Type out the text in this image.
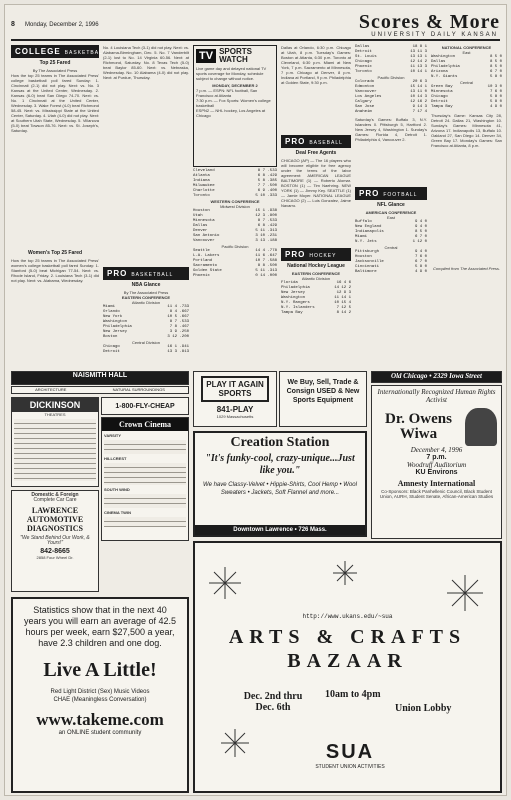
8 Monday, December 2, 1996	Scores & More
UNIVERSITY DAILY KANSAN
COLLEGE BASKETBALL
Top 25 Fared
By The Associated Press
How the top 25 teams in The Associated Press' college basketball poll fared Sunday: 1. Cincinnati (2-1) did not play. Next: vs. No. 3 Kansas at the United Center, Wednesday. 2. Kansas (6-0) beat San Diego 74-70. Next: vs. No. 1 Cincinnati at the United Center, Wednesday. 3. Wake Forest (4-0) beat Richmond 58-45. Next: vs. Mississippi State at the United Center, Saturday. 4. Utah (4-0) did not play. Next: at Southern Utah State, Wednesday. 5. Villanova (5-0) beat Towson 85-76. Next: vs. St. Joseph's, Saturday.
Women's Top 25 Fared
How the top 25 teams in The Associated Press' women's college basketball poll fared Sunday: 1. Stanford (5-0) beat Michigan 77-54. Next: vs. Rhode Island, Friday. 2. Louisiana Tech (3-1) did not play. Next: vs. Alabama, Wednesday.
No. 4 Louisiana Tech (3-1) did not play. Next: vs. Alabama-Birmingham, Dec. 5. No. 7 Vanderbilt (2-1) lost to No. 14 Virginia 60-56. Next: at Richmond, Saturday. No. 8 Texas Tech (5-0) beat Baylor 85-60. Next: vs. Nebraska, Wednesday. No. 10 Alabama (4-0) did not play. Next: at Purdue, Thursday.
PRO BASKETBALL
NBA Glance
By The Associated Press
EASTERN CONFERENCE
Atlantic Division
Miami	11 4 .733
Orlando	8 4 .667
New York	10 5 .667
Washington	8 7 .533
Philadelphia	7 8 .467
New Jersey	3 9 .250
Boston	3 12 .200
Central Division
Chicago	16 1 .941
Detroit	13 3 .813
TV SPORTS WATCH
Live game day and delayed national TV sports coverage for Monday, schedule subject to change without notice.
MONDAY, DECEMBER 2
7 p.m. — ESPN: NFL football, San Francisco at Atlanta
7:30 p.m. — Fox Sports: Women's college basketball
ESPN2 — NHL hockey, Los Angeles at Chicago
Cleveland	8 7 .533
Atlanta	6 8 .429
Indiana	5 8 .385
Milwaukee	7 7 .500
Charlotte	6 9 .400
Toronto	5 10 .333
WESTERN CONFERENCE
Midwest Division
Houston	15 1 .938
Utah	12 3 .800
Minnesota	8 7 .533
Dallas	6 8 .429
Denver	5 11 .313
San Antonio	3 10 .231
Vancouver	3 13 .188
Pacific Division
Seattle	14 4 .778
L.A. Lakers	11 6 .647
Portland	10 7 .588
Sacramento	8 8 .500
Golden State	5 11 .313
Phoenix	0 14 .000
Dallas at Orlando, 6:30 p.m. Chicago at Utah, 8 p.m. Tuesday's Games: Boston at Atlanta, 6:30 p.m. Toronto at Cleveland, 6:30 p.m. Miami at New York, 7 p.m. Sacramento at Minnesota, 7 p.m. Chicago at Denver, 8 p.m. Indiana at Portland, 9 p.m. Philadelphia at Golden State, 9:30 p.m.
PRO BASEBALL
Deal Free Agents
CHICAGO (AP) — The 16 players who will become eligible for free agency under the terms of the labor agreement: AMERICAN LEAGUE BALTIMORE (1) — Roberto Alomar. BOSTON (1) — Tim Naehring. NEW YORK (1) — Jimmy Key. SEATTLE (1) — Jamie Moyer. NATIONAL LEAGUE CHICAGO (2) — Luis Gonzalez, Jaime Navarro.
PRO HOCKEY
National Hockey League
EASTERN CONFERENCE
Atlantic Division
Florida	16 4 6
Philadelphia	14 12 2
New Jersey	12 9 3
Washington	11 14 1
N.Y. Rangers	10 15 4
N.Y. Islanders	7 12 5
Tampa Bay	8 14 2
Dallas	18 8 1
Detroit	13 11 3
St. Louis	13 13 1
Chicago	12 14 2
Phoenix	11 13 3
Toronto	10 14 1
Pacific Division
Colorado	20 6 3
Edmonton	15 14 1
Vancouver	13 11 0
Los Angeles	10 14 3
Calgary	12 16 2
San Jose	9 14 3
Anaheim	7 17 4
Saturday's Games: Buffalo 3, N.Y. Islanders 0. Pittsburgh 5, Hartford 2. New Jersey 4, Washington 1. Sunday's Games: Florida 4, Detroit 1. Philadelphia 4, Vancouver 2.
PRO FOOTBALL
NFL Glance
AMERICAN CONFERENCE
East
Buffalo	9 4 0
New England	9 4 0
Indianapolis	8 5 0
Miami	6 7 0
N.Y. Jets	1 12 0
Central
Pittsburgh	9 4 0
Houston	7 6 0
Jacksonville	6 7 0
Cincinnati	5 8 0
Baltimore	4 9 0
NATIONAL CONFERENCE
East
Washington	8 5 0
Dallas	8 5 0
Philadelphia	8 5 0
Arizona	6 7 0
N.Y. Giants	5 8 0
Central
Green Bay	10 3 0
Minnesota	7 6 0
Chicago	5 8 0
Detroit	5 8 0
Tampa Bay	4 9 0
Thursday's Game: Kansas City 28, Detroit 24. Dallas 21, Washington 10. Sunday's Games: Minnesota 41, Arizona 17. Indianapolis 13, Buffalo 10. Oakland 27, San Diego 14. Denver 34, Green Bay 17. Monday's Games: San Francisco at Atlanta, 8 p.m.
Compiled from The Associated Press.
NAISMITH HALL
ARCHITECTURE	NATURAL SURROUNDINGS
DICKINSON
THEATRES
1-800-FLY-CHEAP
Crown Cinema
VARSITY
HILLCREST
SOUTH WIND
CINEMA TWIN
Domestic & Foreign
Complete Car Care
LAWRENCE AUTOMOTIVE DIAGNOSTICS
"We Stand Behind Our Work, & Yours!"
842-8665
2858 Four Wheel Dr.
Statistics show that in the next 40 years you will earn an average of 42.5 hours per week, earn $27,500 a year, have 2.3 children and one dog.
Live A Little!
Red Light District (Sex) Music Videos
CHAE (Meaningless Conversation)
www.takeme.com
an ONLINE student community
PLAY IT AGAIN SPORTS
841-PLAY
1029 Massachusetts
We Buy, Sell, Trade & Consign USED & New Sports Equipment
Creation Station
"It's funky-cool, crazy-unique...Just like you."
We have Classy-Velvet • Hippie-Shirts, Cool Hemp • Wool Sweaters • Jackets, Soft Flannel and more...
Downtown Lawrence • 726 Mass.
Old Chicago • 2329 Iowa Street
Internationally Recognized Human Rights Activist
Dr. Owens Wiwa
December 4, 1996
7 p.m.
Woodruff Auditorium
KU Environs
Amnesty International
Co-Sponsors: Black Panhellenic Council, Black Student Union, AURH, Student Senate, African-American Studies
http://www.ukans.edu/~sua
ARTS & CRAFTS BAZAAR
Dec. 2nd thru Dec. 6th
10am to 4pm
Union Lobby
SUA
STUDENT UNION ACTIVITIES
